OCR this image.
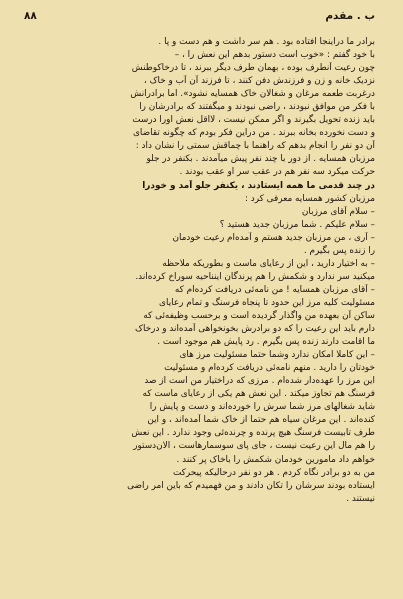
۸۸	ب . مقدم
برادر ما دراینجا افتاده بود . هم سر داشت و هم دست و پا .
با خود گفتم : «خوب است دستور بدهم این نعش را ، –
چون رعیت آنطرف بوده ، بهمان طرف دیگر ببرند ، تا درخاکوطنش
نزدیک خانه و زن و فرزندش دفن کنند ، تا فرزند آن آب و خاک ،
درغربت طعمه مرغان و شغالان خاک همسایه نشود». اما برادرانش
با فکر من موافق نبودند ، راضی نبودند و میگفتند که برادرشان را
باید زنده تحویل بگیرند و اگر ممکن نیست ، لااقل نعش اورا درست
و دست نخورده بخانه ببرند . من دراین فکر بودم که چگونه تقاضای
آن دو نفر را انجام بدهم که راهنما با چماقش سمتی را نشان داد :
مرزبان همسایه . از دور با چند نفر پیش میآمدند . بکنفر در جلو
حرکت میکرد سه نفر هم در عقب سر او عقب بودند .
در چند قدمی ما همه ایستادند ، یکنفر جلو آمد و خودرا
مرزبان کشور همسایه معرفی کرد :
– سلام آقای مرزبان
– سلام علیکم . شما مرزبان جدید هستید ؟
– آری ، من مرزبان جدید هستم و آمده‌ام رعیت خودمان
را زنده پس بگیرم .
– به اختیار دارید ، این از رعایای ماست و بطوریکه ملاحظه
میکنید سر ندارد و شکمش را هم پرندگان اینناحیه سوراخ کرده‌اند.
– آقای مرزبان همسایه ! من نامه‌ئی دریافت کرده‌ام که
مسئولیت کلیه مرز این حدود تا پنجاه فرسنگ و تمام رعایای
ساکن آن بعهده من واگذار گردیده است و برحسب وظیفه‌ئی که
دارم باید این رعیت را که دو برادرش بخونخواهی آمده‌اند و درخاک
ما اقامت دارند زنده پس بگیرم . رد پایش هم موجود است .
– این کاملا امکان ندارد وشما حتما مسئولیت مرز های
خودتان را دارید . منهم نامه‌ئی دریافت کرده‌ام و مسئولیت
این مرز را عهده‌دار شده‌ام . مرزی که دراختیار من است از صد
فرسنگ هم تجاوز میکند . این نعش هم یکی از رعایای ماست که
شاید شغالهای مرز شما سرش را خورده‌اند و دست و پایش را
کنده‌اند . این مرغان سیاه هم حتما از خاک شما آمده‌اند ، و این
طرف تابیست فرسنگ هیچ پرنده و چرنده‌ئی وجود ندارد . این نعش
را هم مال این رعیت نیست ، جای پای سوسمارهاست ، الان‌دستور
خواهم داد مامورین خودمان شکمش را باخاک پر کنند .
من به دو برادر نگاه کردم . هر دو نفر درحالیکه پیحرکت
ایستاده بودند سرشان را تکان دادند و من فهمیدم که باین امر راضی
نیستند .
